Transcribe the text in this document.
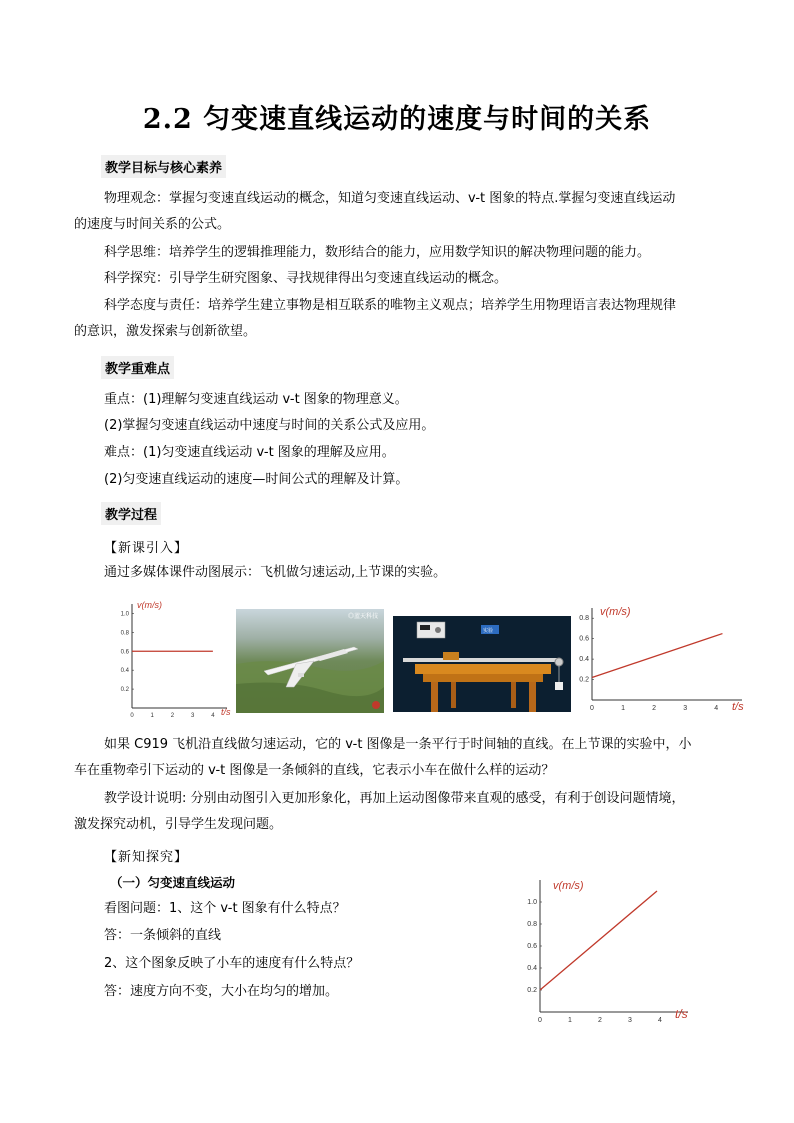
2.2 匀变速直线运动的速度与时间的关系
教学目标与核心素养
物理观念：掌握匀变速直线运动的概念，知道匀变速直线运动、v-t 图象的特点.掌握匀变速直线运动
的速度与时间关系的公式。
科学思维：培养学生的逻辑推理能力，数形结合的能力，应用数学知识的解决物理问题的能力。
科学探究：引导学生研究图象、寻找规律得出匀变速直线运动的概念。
科学态度与责任：培养学生建立事物是相互联系的唯物主义观点；培养学生用物理语言表达物理规律
的意识，激发探索与创新欲望。
教学重难点
重点：(1)理解匀变速直线运动 v-t 图象的物理意义。
(2)掌握匀变速直线运动中速度与时间的关系公式及应用。
难点：(1)匀变速直线运动 v-t 图象的理解及应用。
(2)匀变速直线运动的速度—时间公式的理解及计算。
教学过程
【新课引入】
通过多媒体课件动图展示：飞机做匀速运动,上节课的实验。
v(m/s)
t/s
0	1	2	3	4
0.2
0.4
0.6
0.8
1.0	◎蓝天科技
实验
v(m/s)
t/s
0	1	2	3	4
0.2
0.4
0.6
0.8
如果 C919 飞机沿直线做匀速运动，它的 v-t 图像是一条平行于时间轴的直线。在上节课的实验中，小
车在重物牵引下运动的 v-t 图像是一条倾斜的直线，它表示小车在做什么样的运动？
教学设计说明: 分别由动图引入更加形象化，再加上运动图像带来直观的感受，有利于创设问题情境，
激发探究动机，引导学生发现问题。
【新知探究】
（一）匀变速直线运动
看图问题：1、这个 v-t 图象有什么特点？
答：一条倾斜的直线
2、这个图象反映了小车的速度有什么特点？
答：速度方向不变，大小在均匀的增加。
v(m/s)
t/s
0	1	2	3	4
0.2
0.4
0.6
0.8
1.0
